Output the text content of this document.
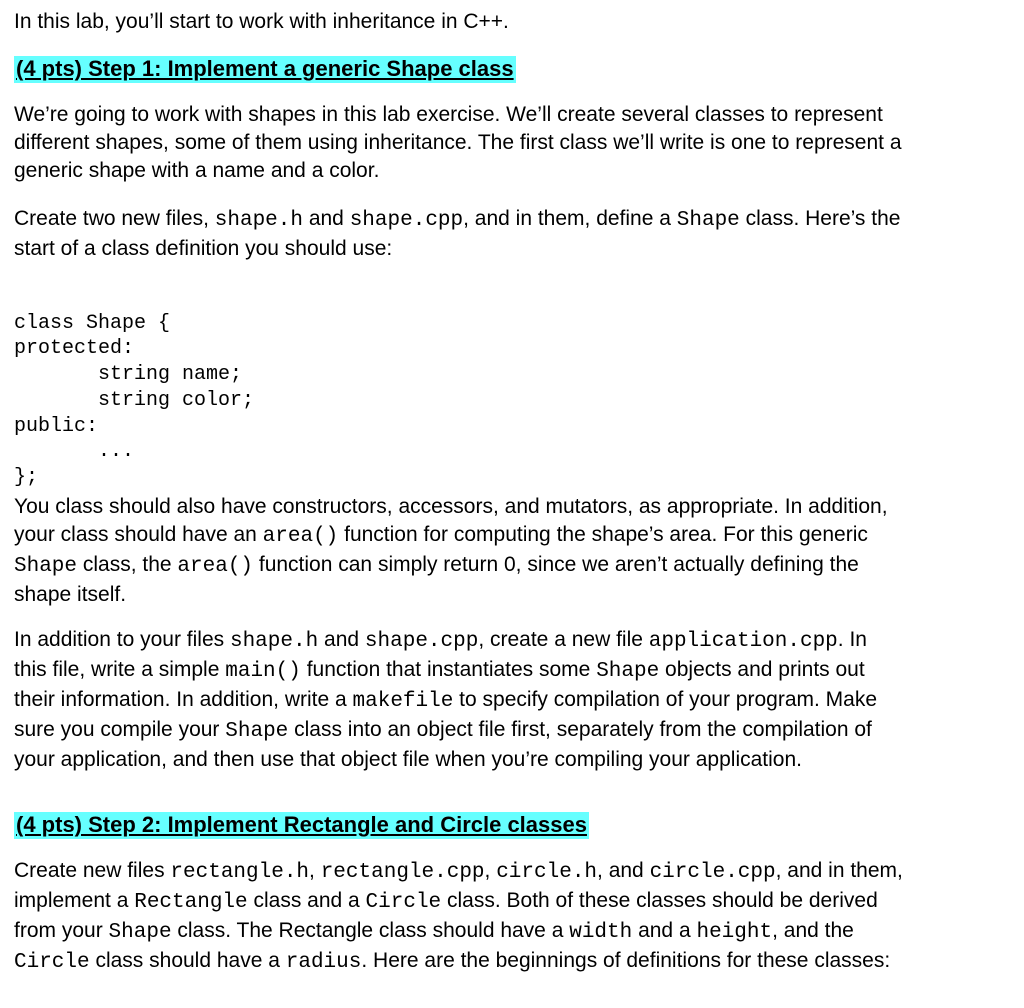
In this lab, you’ll start to work with inheritance in C++.
(4 pts) Step 1: Implement a generic Shape class
We’re going to work with shapes in this lab exercise. We’ll create several classes to represent
different shapes, some of them using inheritance. The first class we’ll write is one to represent a
generic shape with a name and a color.
Create two new files, shape.h and shape.cpp, and in them, define a Shape class. Here’s the
start of a class definition you should use:

class Shape {
protected:
string name;
string color;
public:
...
};

You class should also have constructors, accessors, and mutators, as appropriate. In addition,
your class should have an area() function for computing the shape’s area. For this generic
Shape class, the area() function can simply return 0, since we aren’t actually defining the
shape itself.
In addition to your files shape.h and shape.cpp, create a new file application.cpp. In
this file, write a simple main() function that instantiates some Shape objects and prints out
their information. In addition, write a makefile to specify compilation of your program. Make
sure you compile your Shape class into an object file first, separately from the compilation of
your application, and then use that object file when you’re compiling your application.
(4 pts) Step 2: Implement Rectangle and Circle classes
Create new files rectangle.h, rectangle.cpp, circle.h, and circle.cpp, and in them,
implement a Rectangle class and a Circle class. Both of these classes should be derived
from your Shape class. The Rectangle class should have a width and a height, and the
Circle class should have a radius. Here are the beginnings of definitions for these classes:
